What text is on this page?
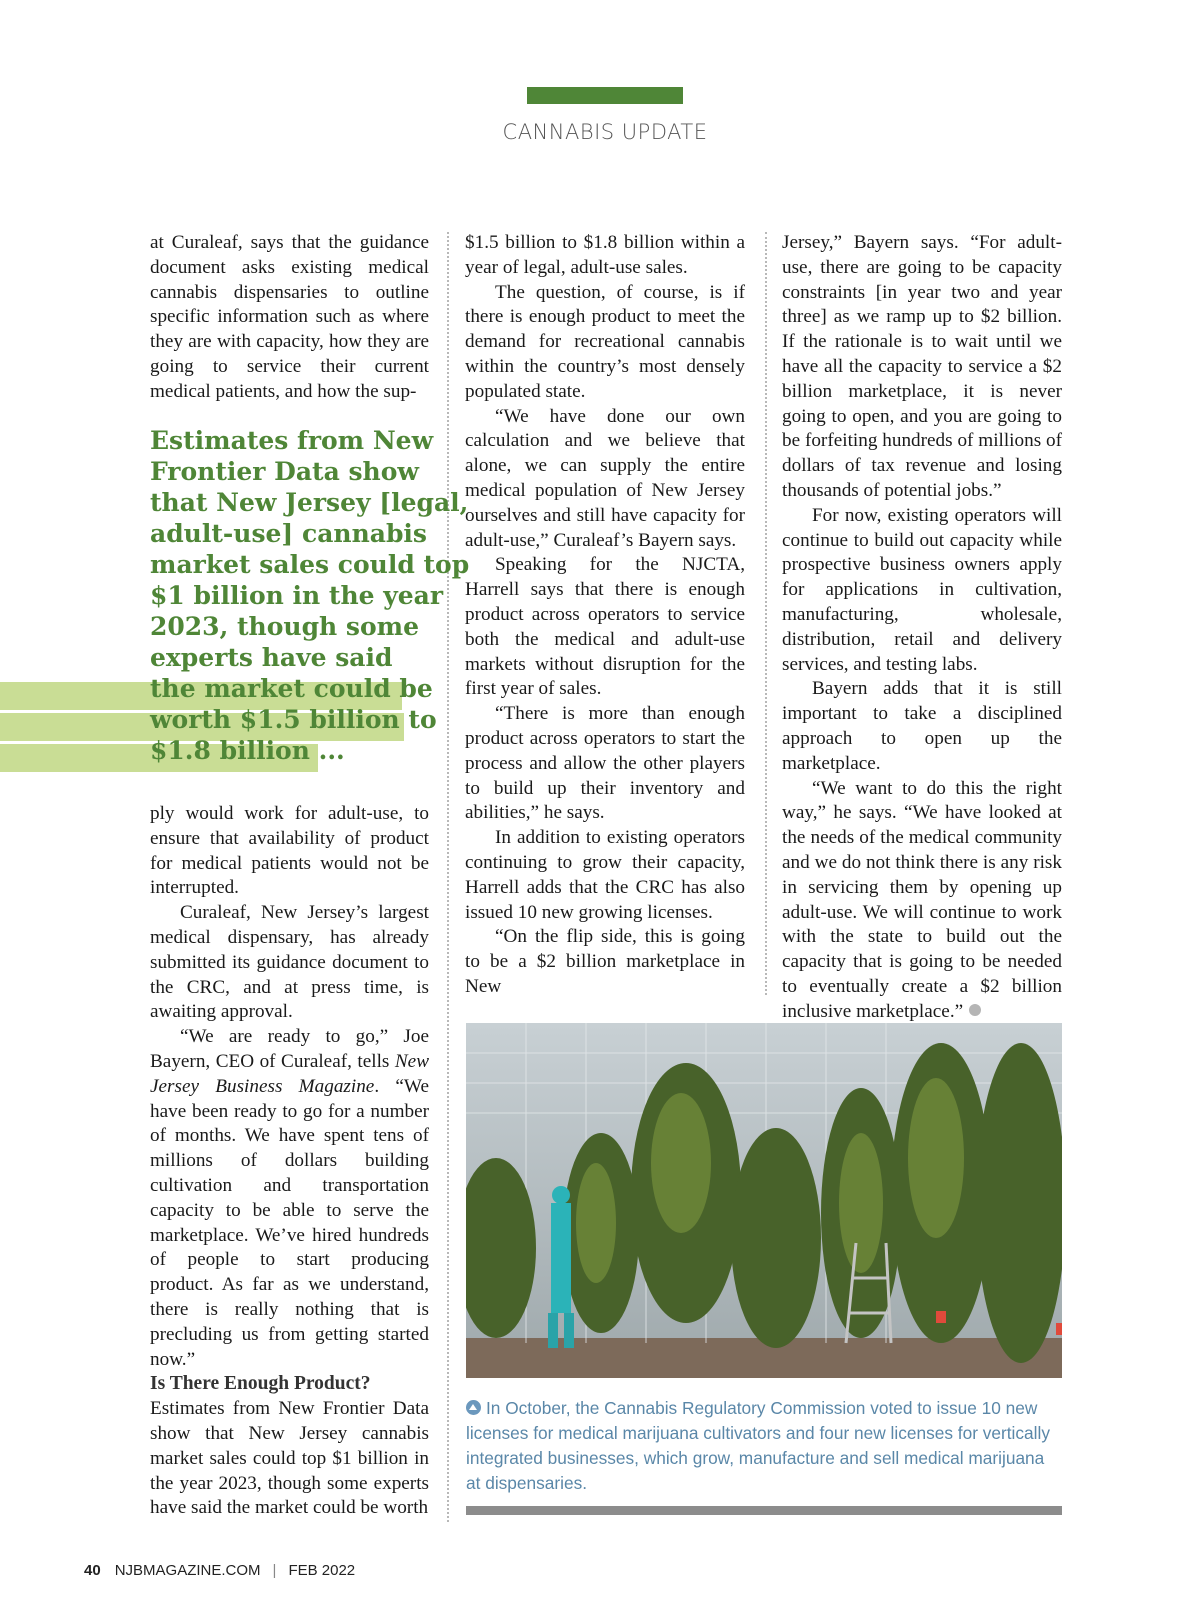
CANNABIS UPDATE

at Curaleaf, says that the guidance document asks existing medical cannabis dispensaries to outline specific information such as where they are with capacity, how they are going to service their current medical patients, and how the sup-

Estimates from New
Frontier Data show
that New Jersey [legal,
adult-use] cannabis
market sales could top
$1 billion in the year
2023, though some
experts have said
the market could be
worth $1.5 billion to
$1.8 billion ...

ply would work for adult-use, to ensure that availability of product for medical patients would not be interrupted.

Curaleaf, New Jersey’s largest medical dispensary, has already submitted its guidance document to the CRC, and at press time, is awaiting approval.

“We are ready to go,” Joe Bayern, CEO of Curaleaf, tells New Jersey Business Magazine. “We have been ready to go for a number of months. We have spent tens of millions of dollars building cultivation and transportation capacity to be able to serve the marketplace. We’ve hired hundreds of people to start producing product. As far as we understand, there is really nothing that is precluding us from getting started now.”

Is There Enough Product?

Estimates from New Frontier Data show that New Jersey cannabis market sales could top $1 billion in the year 2023, though some experts have said the market could be worth

$1.5 billion to $1.8 billion within a year of legal, adult-use sales.

The question, of course, is if there is enough product to meet the demand for recreational cannabis within the country’s most densely populated state.

“We have done our own calculation and we believe that alone, we can supply the entire medical population of New Jersey ourselves and still have capacity for adult-use,” Curaleaf’s Bayern says.

Speaking for the NJCTA, Harrell says that there is enough product across operators to service both the medical and adult-use markets without disruption for the first year of sales.

“There is more than enough product across operators to start the process and allow the other players to build up their inventory and abilities,” he says.

In addition to existing operators continuing to grow their capacity, Harrell adds that the CRC has also issued 10 new growing licenses.

“On the flip side, this is going to be a $2 billion marketplace in New

Jersey,” Bayern says. “For adult-use, there are going to be capacity constraints [in year two and year three] as we ramp up to $2 billion. If the rationale is to wait until we have all the capacity to service a $2 billion marketplace, it is never going to open, and you are going to be forfeiting hundreds of millions of dollars of tax revenue and losing thousands of potential jobs.”

For now, existing operators will continue to build out capacity while prospective business owners apply for applications in cultivation, manufacturing, wholesale, distribution, retail and delivery services, and testing labs.

Bayern adds that it is still important to take a disciplined approach to open up the marketplace.

“We want to do this the right way,” he says. “We have looked at the needs of the medical community and we do not think there is any risk in servicing them by opening up adult-use. We will continue to work with the state to build out the capacity that is going to be needed to eventually create a $2 billion inclusive marketplace.”

In October, the Cannabis Regulatory Commission voted to issue 10 new licenses for medical marijuana cultivators and four new licenses for vertically integrated businesses, which grow, manufacture and sell medical marijuana at dispensaries.
40 NJBMAGAZINE.COM | FEB 2022
